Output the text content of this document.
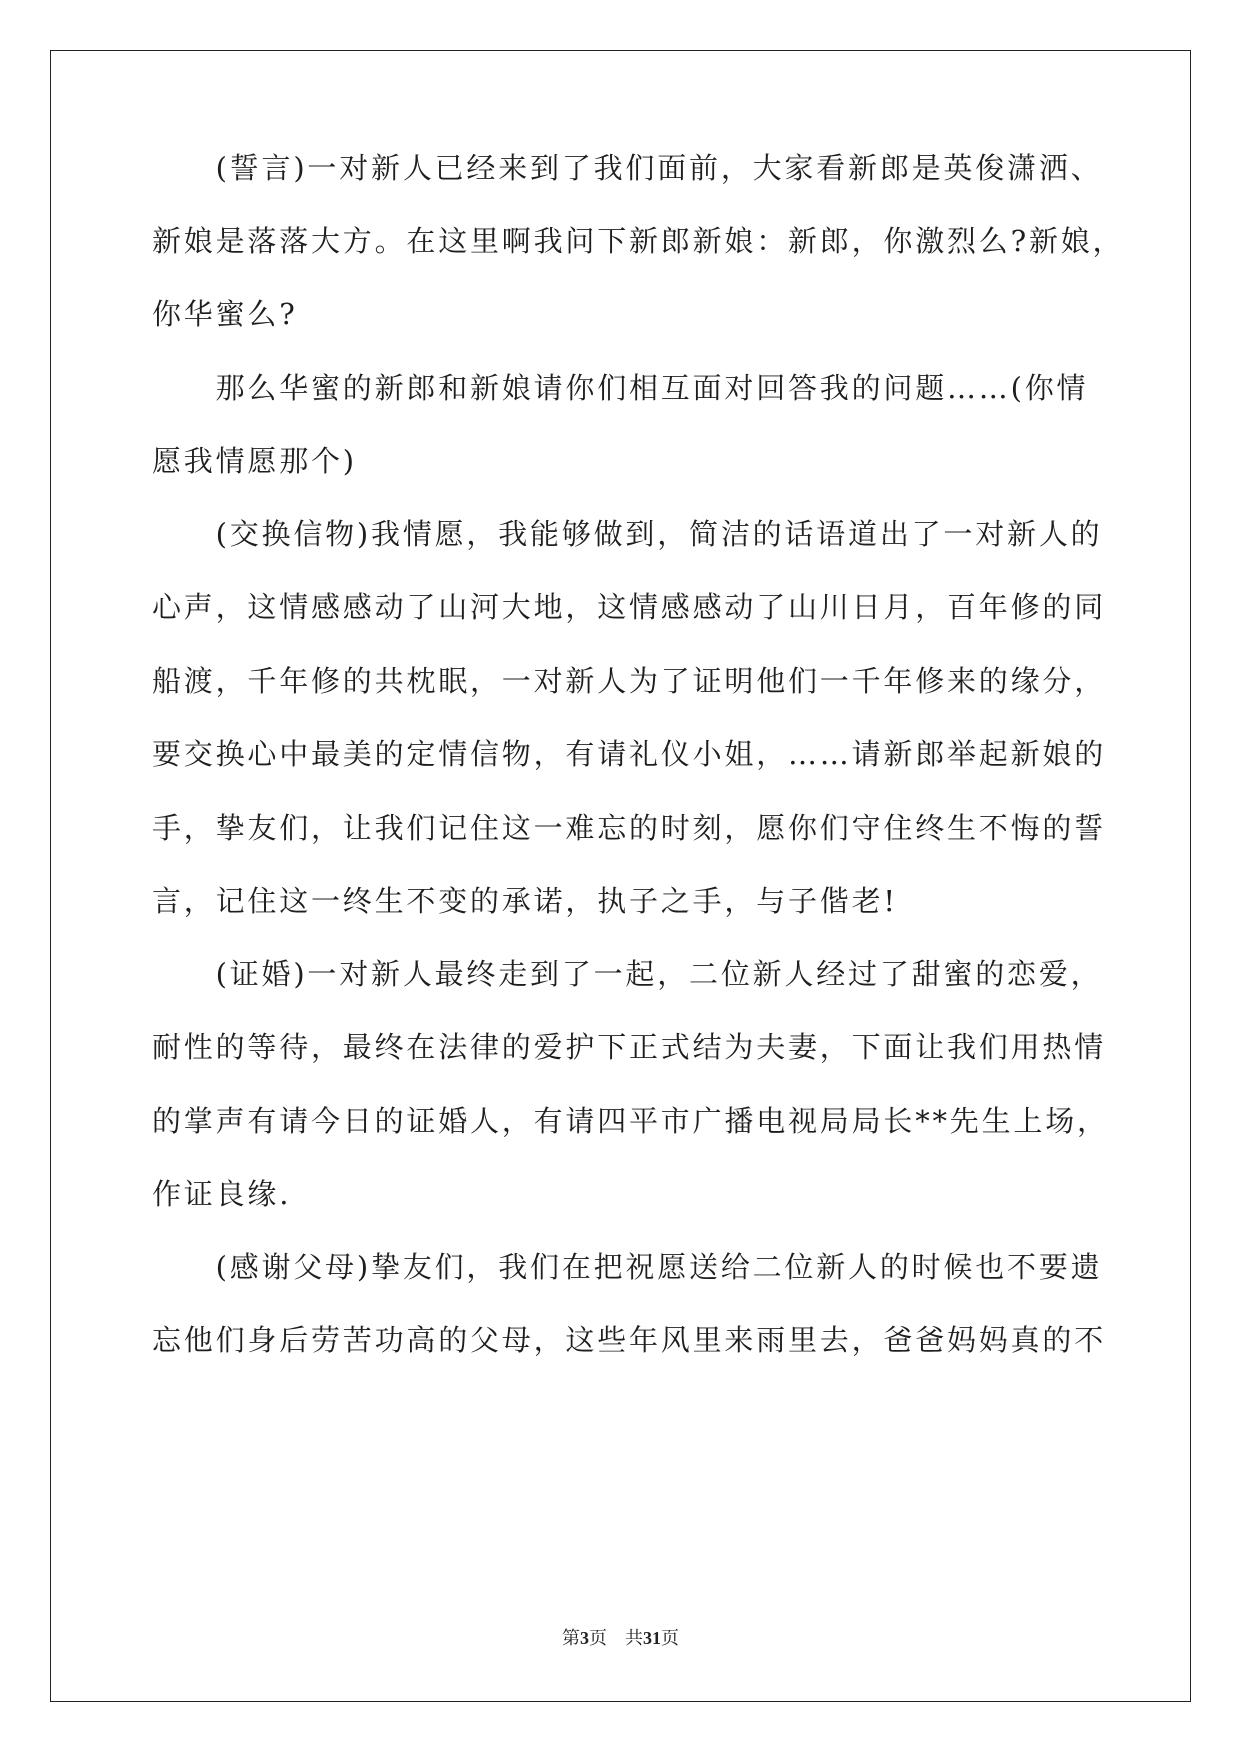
　　(誓言)一对新人已经来到了我们面前，大家看新郎是英俊潇洒、
新娘是落落大方。在这里啊我问下新郎新娘：新郎，你激烈么?新娘，
你华蜜么?
　　那么华蜜的新郎和新娘请你们相互面对回答我的问题……(你情
愿我情愿那个)
　　(交换信物)我情愿，我能够做到，简洁的话语道出了一对新人的
心声，这情感感动了山河大地，这情感感动了山川日月，百年修的同
船渡，千年修的共枕眠，一对新人为了证明他们一千年修来的缘分，
要交换心中最美的定情信物，有请礼仪小姐，……请新郎举起新娘的
手，挚友们，让我们记住这一难忘的时刻，愿你们守住终生不悔的誓
言，记住这一终生不变的承诺，执子之手，与子偕老!
　　(证婚)一对新人最终走到了一起，二位新人经过了甜蜜的恋爱，
耐性的等待，最终在法律的爱护下正式结为夫妻，下面让我们用热情
的掌声有请今日的证婚人，有请四平市广播电视局局长**先生上场，
作证良缘.
　　(感谢父母)挚友们，我们在把祝愿送给二位新人的时候也不要遗
忘他们身后劳苦功高的父母，这些年风里来雨里去，爸爸妈妈真的不
第3页　共31页
